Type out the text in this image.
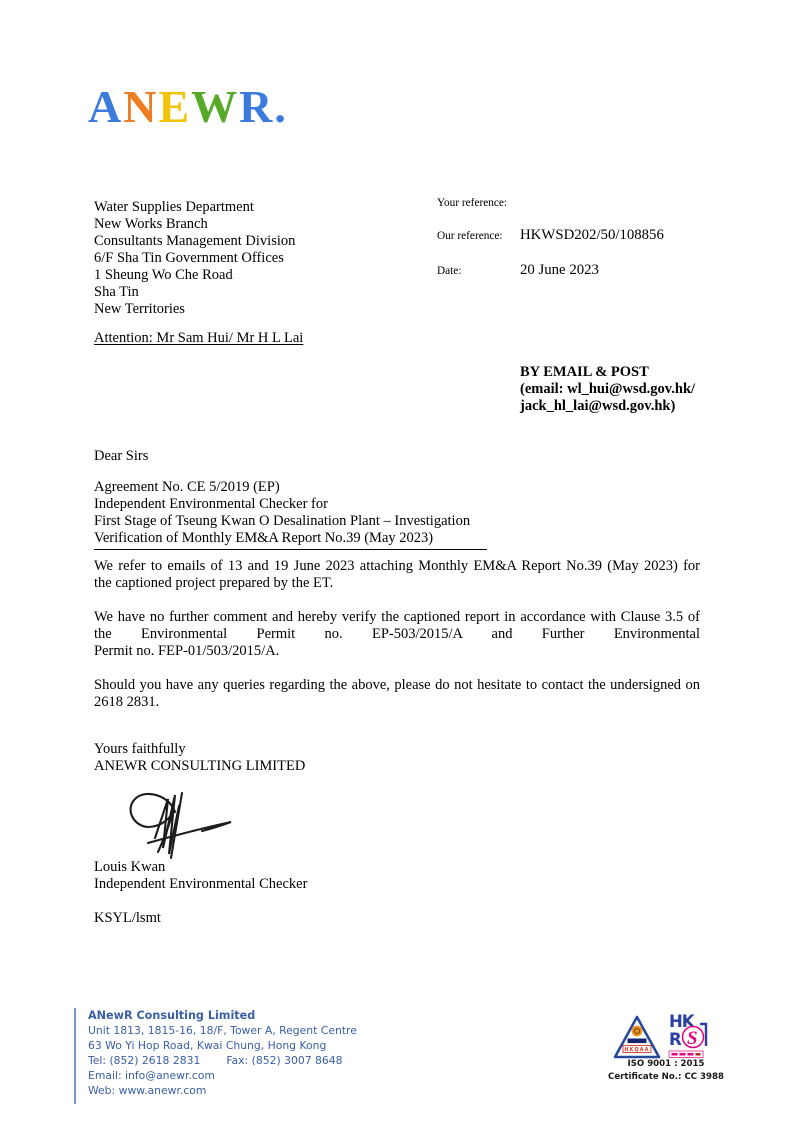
ANEWR.
Water Supplies Department
New Works Branch
Consultants Management Division
6/F Sha Tin Government Offices
1 Sheung Wo Che Road
Sha Tin
New Territories
Attention: Mr Sam Hui/ Mr H L Lai
Your reference:
Our reference:	HKWSD202/50/108856
Date:	20 June 2023
BY EMAIL & POST
(email: wl_hui@wsd.gov.hk/
jack_hl_lai@wsd.gov.hk)
Dear Sirs
Agreement No. CE 5/2019 (EP)
Independent Environmental Checker for
First Stage of Tseung Kwan O Desalination Plant – Investigation
Verification of Monthly EM&A Report No.39 (May 2023)
We refer to emails of 13 and 19 June 2023 attaching Monthly EM&A Report No.39 (May 2023) for
the captioned project prepared by the ET.
We have no further comment and hereby verify the captioned report in accordance with Clause 3.5 of
the Environmental Permit no. EP-503/2015/A and Further Environmental
Permit no. FEP-01/503/2015/A.
Should you have any queries regarding the above, please do not hesitate to contact the undersigned on
2618 2831.
Yours faithfully
ANEWR CONSULTING LIMITED
Louis Kwan
Independent Environmental Checker
KSYL/lsmt
ANewR Consulting Limited
Unit 1813, 1815-16, 18/F, Tower A, Regent Centre
63 Wo Yi Hop Road, Kwai Chung, Hong Kong
Tel: (852) 2618 2831 Fax: (852) 3007 8648
Email: info@anewr.com
Web: www.anewr.com
HKQAA
HK
R S
ISO 9001 : 2015
Certificate No.: CC 3988
